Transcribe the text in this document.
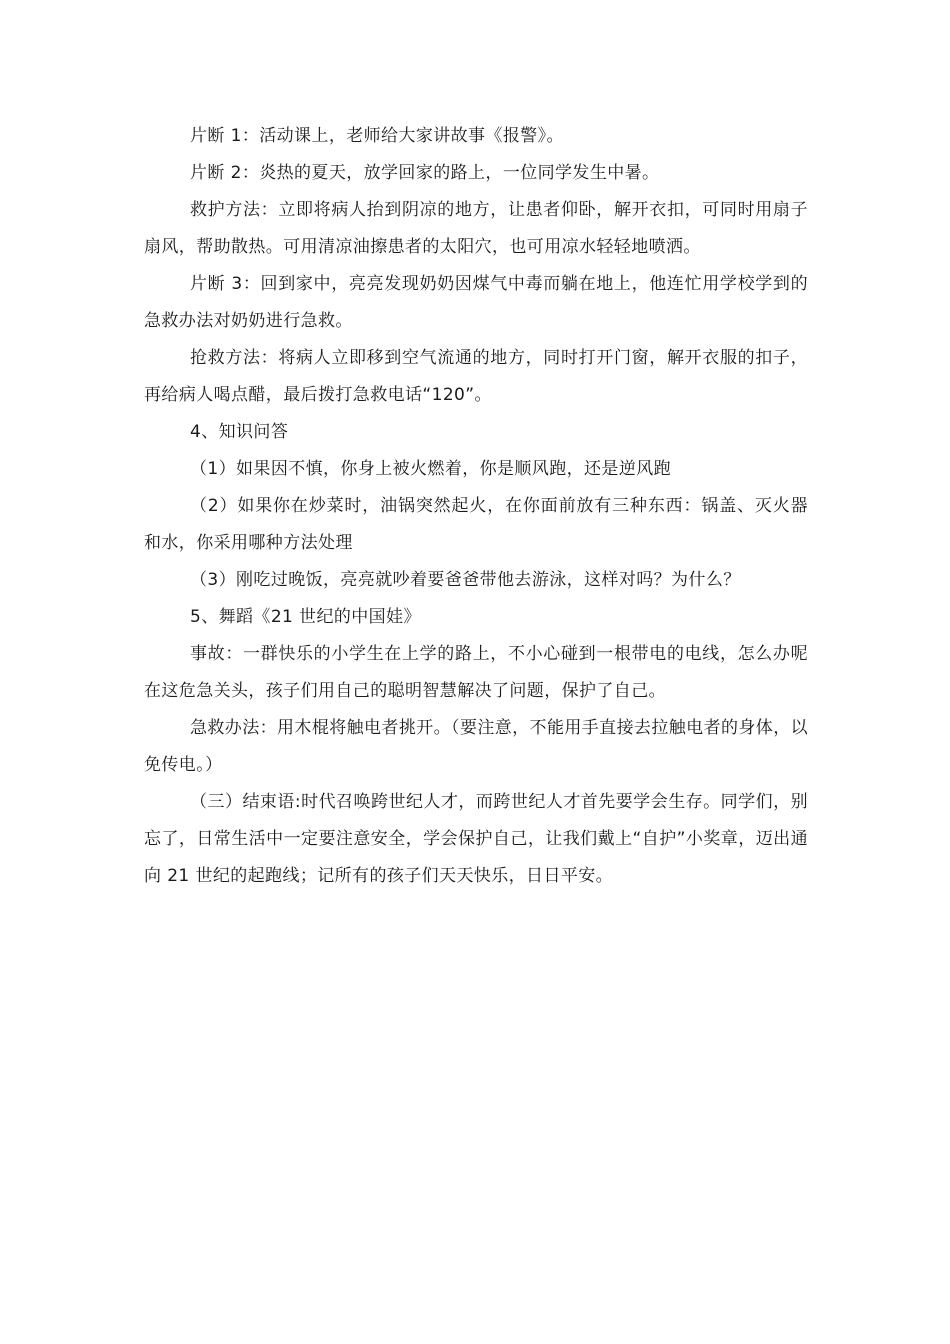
片断 1：活动课上，老师给大家讲故事《报警》。

片断 2：炎热的夏天，放学回家的路上，一位同学发生中暑。

救护方法：立即将病人抬到阴凉的地方，让患者仰卧，解开衣扣，可同时用扇子扇风，帮助散热。可用清凉油擦患者的太阳穴，也可用凉水轻轻地喷洒。

片断 3：回到家中，亮亮发现奶奶因煤气中毒而躺在地上，他连忙用学校学到的急救办法对奶奶进行急救。

抢救方法：将病人立即移到空气流通的地方，同时打开门窗，解开衣服的扣子，再给病人喝点醋，最后拨打急救电话“120”。

4、知识问答

（1）如果因不慎，你身上被火燃着，你是顺风跑，还是逆风跑

（2）如果你在炒菜时，油锅突然起火，在你面前放有三种东西：锅盖、灭火器和水，你采用哪种方法处理

（3）刚吃过晚饭，亮亮就吵着要爸爸带他去游泳，这样对吗？为什么？

5、舞蹈《21 世纪的中国娃》

事故：一群快乐的小学生在上学的路上，不小心碰到一根带电的电线，怎么办呢在这危急关头，孩子们用自己的聪明智慧解决了问题，保护了自己。

急救办法：用木棍将触电者挑开。（要注意，不能用手直接去拉触电者的身体，以免传电。）

（三）结束语:时代召唤跨世纪人才，而跨世纪人才首先要学会生存。同学们，别忘了，日常生活中一定要注意安全，学会保护自己，让我们戴上“自护”小奖章，迈出通向 21 世纪的起跑线；记所有的孩子们天天快乐，日日平安。
